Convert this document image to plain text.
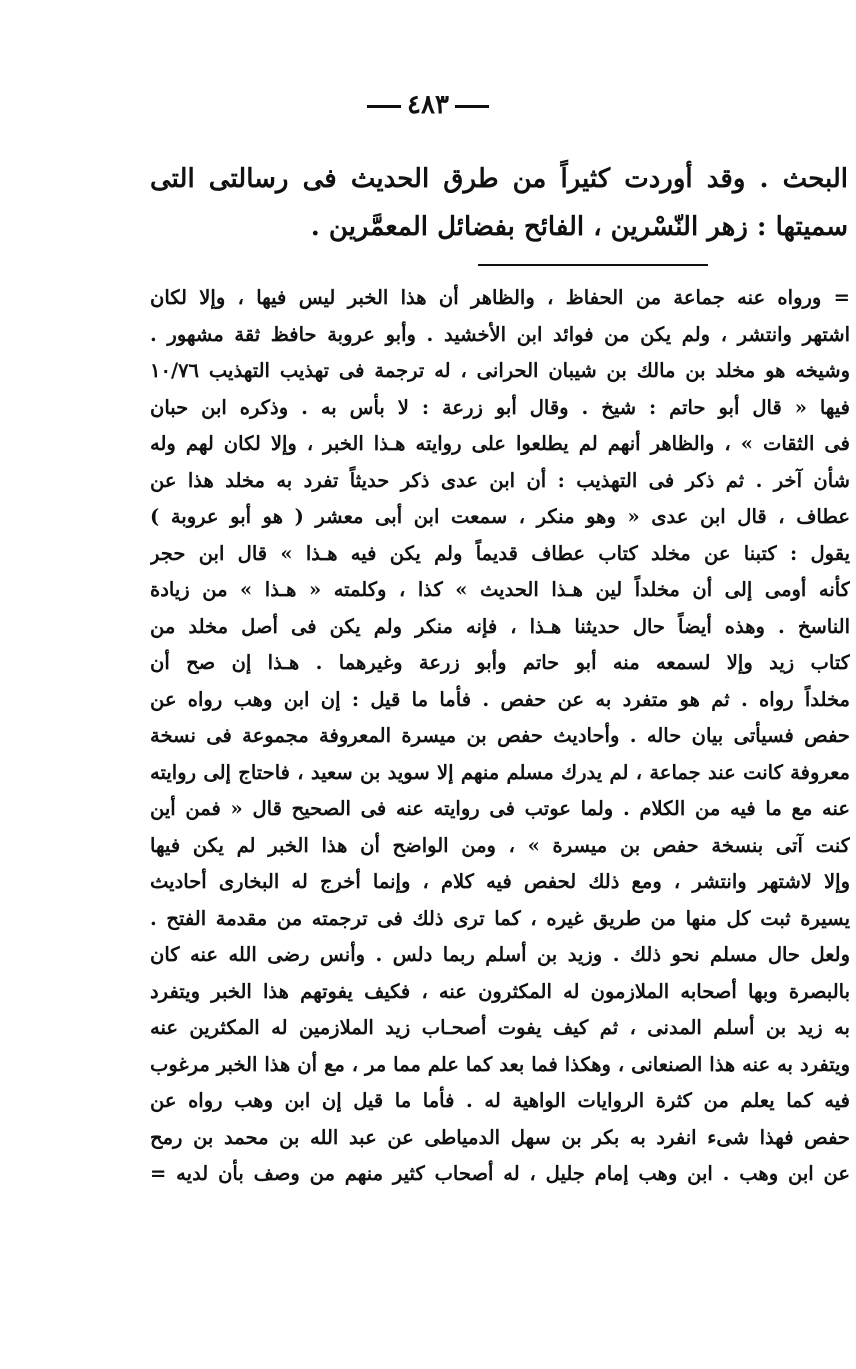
٤٨٣
البحث . وقد أوردت كثيراً من طرق الحديث فى رسالتى التى سميتها : زهر النّسْرين ، الفائح بفضائل المعمَّرين .
= ورواه عنه جماعة من الحفاظ ، والظاهر أن هذا الخبر ليس فيها ، وإلا لكان
اشتهر وانتشر ، ولم يكن من فوائد ابن الأخشيد . وأبو عروبة حافظ ثقة مشهور .
وشيخه هو مخلد بن مالك بن شيبان الحرانى ، له ترجمة فى تهذيب التهذيب ١٠/٧٦
فيها « قال أبو حاتم : شيخ . وقال أبو زرعة : لا بأس به . وذكره ابن حبان
فى الثقات » ، والظاهر أنهم لم يطلعوا على روايته هـذا الخبر ، وإلا لكان لهم وله
شأن آخر . ثم ذكر فى التهذيب : أن ابن عدى ذكر حديثاً تفرد به مخلد هذا عن
عطاف ، قال ابن عدى « وهو منكر ، سمعت ابن أبى معشر ( هو أبو عروبة )
يقول : كتبنا عن مخلد كتاب عطاف قديماً ولم يكن فيه هـذا » قال ابن حجر
كأنه أومى إلى أن مخلداً لين هـذا الحديث » كذا ، وكلمته « هـذا » من زيادة
الناسخ . وهذه أيضاً حال حديثنا هـذا ، فإنه منكر ولم يكن فى أصل مخلد من
كتاب زيد وإلا لسمعه منه أبو حاتم وأبو زرعة وغيرهما . هـذا إن صح أن
مخلداً رواه . ثم هو متفرد به عن حفص . فأما ما قيل : إن ابن وهب رواه عن
حفص فسيأتى بيان حاله . وأحاديث حفص بن ميسرة المعروفة مجموعة فى نسخة
معروفة كانت عند جماعة ، لم يدرك مسلم منهم إلا سويد بن سعيد ، فاحتاج إلى روايته
عنه مع ما فيه من الكلام . ولما عوتب فى روايته عنه فى الصحيح قال « فمن أين
كنت آتى بنسخة حفص بن ميسرة » ، ومن الواضح أن هذا الخبر لم يكن فيها
وإلا لاشتهر وانتشر ، ومع ذلك لحفص فيه كلام ، وإنما أخرج له البخارى أحاديث
يسيرة ثبت كل منها من طريق غيره ، كما ترى ذلك فى ترجمته من مقدمة الفتح .
ولعل حال مسلم نحو ذلك . وزيد بن أسلم ربما دلس . وأنس رضى الله عنه كان
بالبصرة وبها أصحابه الملازمون له المكثرون عنه ، فكيف يفوتهم هذا الخبر ويتفرد
به زيد بن أسلم المدنى ، ثم كيف يفوت أصحـاب زيد الملازمين له المكثرين عنه
ويتفرد به عنه هذا الصنعانى ، وهكذا فما بعد كما علم مما مر ، مع أن هذا الخبر مرغوب
فيه كما يعلم من كثرة الروايات الواهية له . فأما ما قيل إن ابن وهب رواه عن
حفص فهذا شىء انفرد به بكر بن سهل الدمياطى عن عبد الله بن محمد بن رمح
عن ابن وهب . ابن وهب إمام جليل ، له أصحاب كثير منهم من وصف بأن لديه =
